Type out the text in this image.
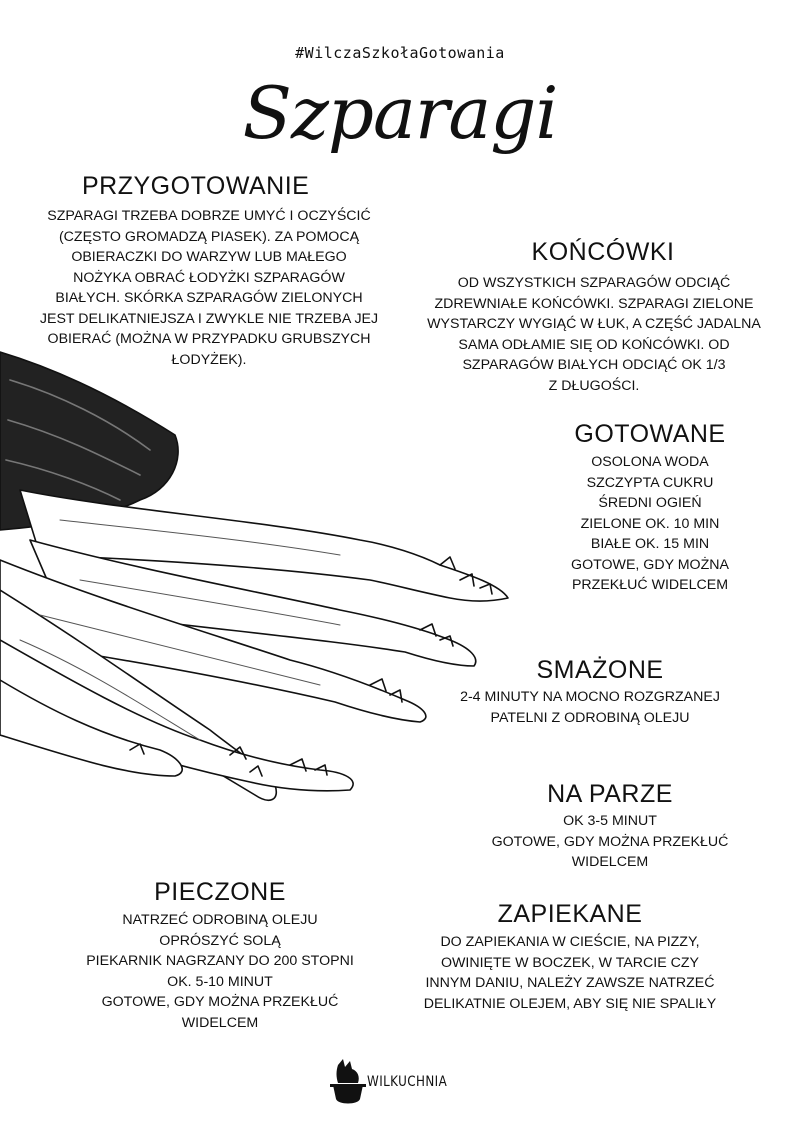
#WilczaSzkołaGotowania
Szparagi
PRZYGOTOWANIE
SZPARAGI TRZEBA DOBRZE UMYĆ I OCZYŚCIĆ
(CZĘSTO GROMADZĄ PIASEK). ZA POMOCĄ
OBIERACZKI DO WARZYW LUB MAŁEGO
NOŻYKA OBRAĆ ŁODYŻKI SZPARAGÓW
BIAŁYCH. SKÓRKA SZPARAGÓW ZIELONYCH
JEST DELIKATNIEJSZA I ZWYKLE NIE TRZEBA JEJ
OBIERAĆ (MOŻNA W PRZYPADKU GRUBSZYCH
ŁODYŻEK).
KOŃCÓWKI
OD WSZYSTKICH SZPARAGÓW ODCIĄĆ
ZDREWNIAŁE KOŃCÓWKI. SZPARAGI ZIELONE
WYSTARCZY WYGIĄĆ W ŁUK, A CZĘŚĆ JADALNA
SAMA ODŁAMIE SIĘ OD KOŃCÓWKI. OD
SZPARAGÓW BIAŁYCH ODCIĄĆ OK 1/3
Z DŁUGOŚCI.
GOTOWANE
OSOLONA WODA
SZCZYPTA CUKRU
ŚREDNI OGIEŃ
ZIELONE OK. 10 MIN
BIAŁE OK. 15 MIN
GOTOWE, GDY MOŻNA
PRZEKŁUĆ WIDELCEM
SMAŻONE
2-4 MINUTY NA MOCNO ROZGRZANEJ
PATELNI Z ODROBINĄ OLEJU
NA PARZE
OK 3-5 MINUT
GOTOWE, GDY MOŻNA PRZEKŁUĆ
WIDELCEM
PIECZONE
NATRZEĆ ODROBINĄ OLEJU
OPRÓSZYĆ SOLĄ
PIEKARNIK NAGRZANY DO 200 STOPNI
OK. 5-10 MINUT
GOTOWE, GDY MOŻNA PRZEKŁUĆ
WIDELCEM
ZAPIEKANE
DO ZAPIEKANIA W CIEŚCIE, NA PIZZY,
OWINIĘTE W BOCZEK, W TARCIE CZY
INNYM DANIU, NALEŻY ZAWSZE NATRZEĆ
DELIKATNIE OLEJEM, ABY SIĘ NIE SPALIŁY
WILKUCHNIA
